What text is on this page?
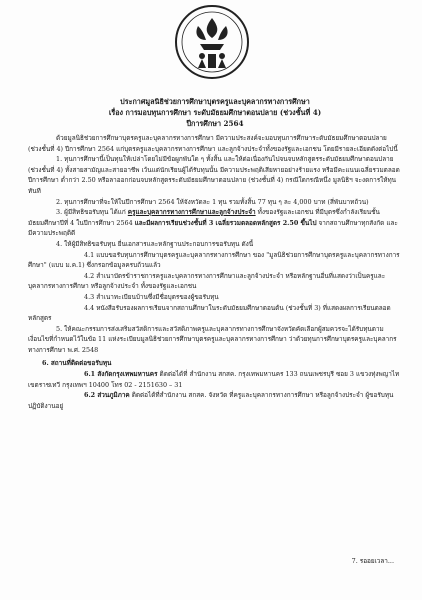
ประกาศมูลนิธิช่วยการศึกษาบุตรครูและบุคลากรทางการศึกษา
เรื่อง การมอบทุนการศึกษา ระดับมัธยมศึกษาตอนปลาย (ช่วงชั้นที่ 4)
ปีการศึกษา 2564

ด้วยมูลนิธิช่วยการศึกษาบุตรครูและบุคลากรทางการศึกษา มีความประสงค์จะมอบทุนการศึกษาระดับมัธยมศึกษาตอนปลาย (ช่วงชั้นที่ 4) ปีการศึกษา 2564 แก่บุตรครูและบุคลากรทางการศึกษา และลูกจ้างประจำทั้งของรัฐและเอกชน โดยมีรายละเอียดดังต่อไปนี้

1. ทุนการศึกษานี้เป็นทุนให้เปล่าโดยไม่มีข้อผูกพันใด ๆ ทั้งสิ้น และให้ต่อเนื่องกันไปจนจบหลักสูตรระดับมัธยมศึกษาตอนปลาย (ช่วงชั้นที่ 4) ทั้งสายสามัญและสายอาชีพ เว้นแต่นักเรียนผู้ได้รับทุนนั้น มีความประพฤติเสียหายอย่างร้ายแรง หรือมีคะแนนเฉลี่ยรวมตลอดปีการศึกษา ต่ำกว่า 2.50 หรือลาออกก่อนจบหลักสูตรระดับมัธยมศึกษาตอนปลาย (ช่วงชั้นที่ 4) กรณีใดกรณีหนึ่ง มูลนิธิฯ จะงดการให้ทุนทันที

2. ทุนการศึกษาที่จะให้ในปีการศึกษา 2564 ให้จังหวัดละ 1 ทุน รวมทั้งสิ้น 77 ทุน ๆ ละ 4,000 บาท (สี่พันบาทถ้วน)

3. ผู้มีสิทธิขอรับทุน ได้แก่ ครูและบุคลากรทางการศึกษาและลูกจ้างประจำ ทั้งของรัฐและเอกชน ที่มีบุตรซึ่งกำลังเรียนชั้นมัธยมศึกษาปีที่ 4 ในปีการศึกษา 2564 และมีผลการเรียนช่วงชั้นที่ 3 เฉลี่ยรวมตลอดหลักสูตร 2.50 ขึ้นไป จากสถานศึกษาทุกสังกัด และมีความประพฤติดี

4. ให้ผู้มีสิทธิขอรับทุน ยื่นเอกสารและหลักฐานประกอบการขอรับทุน ดังนี้

4.1 แบบขอรับทุนการศึกษาบุตรครูและบุคลากรทางการศึกษา ของ "มูลนิธิช่วยการศึกษาบุตรครูและบุคลากรทางการศึกษา" (แบบ ม.ค.1) ซึ่งกรอกข้อมูลครบถ้วนแล้ว

4.2 สำเนาบัตรข้าราชการครูและบุคลากรทางการศึกษาและลูกจ้างประจำ หรือหลักฐานอื่นที่แสดงว่าเป็นครูและบุคลากรทางการศึกษา หรือลูกจ้างประจำ ทั้งของรัฐและเอกชน

4.3 สำเนาทะเบียนบ้านซึ่งมีชื่อบุตรของผู้ขอรับทุน

4.4 หนังสือรับรองผลการเรียนจากสถานศึกษาในระดับมัธยมศึกษาตอนต้น (ช่วงชั้นที่ 3) ที่แสดงผลการเรียนตลอดหลักสูตร

5. ให้คณะกรรมการส่งเสริมสวัสดิการและสวัสดิภาพครูและบุคลากรทางการศึกษาจังหวัดคัดเลือกผู้สมควรจะได้รับทุนตามเงื่อนไขที่กำหนดไว้ในข้อ 11 แห่งระเบียบมูลนิธิช่วยการศึกษาบุตรครูและบุคลากรทางการศึกษา ว่าด้วยทุนการศึกษาบุตรครูและบุคลากรทางการศึกษา พ.ศ. 2548

6. สถานที่ติดต่อขอรับทุน

6.1 สังกัดกรุงเทพมหานคร ติดต่อได้ที่ สำนักงาน สกสค. กรุงเทพมหานคร 133 ถนนเพชรบุรี ซอย 3 แขวงทุ่งพญาไท เขตราชเทวี กรุงเทพฯ 10400 โทร 02 - 2151630 – 31

6.2 ส่วนภูมิภาค ติดต่อได้ที่สำนักงาน สกสค. จังหวัด ที่ครูและบุคลากรทางการศึกษา หรือลูกจ้างประจำ ผู้ขอรับทุนปฏิบัติงานอยู่

7. รออยเวลา...
